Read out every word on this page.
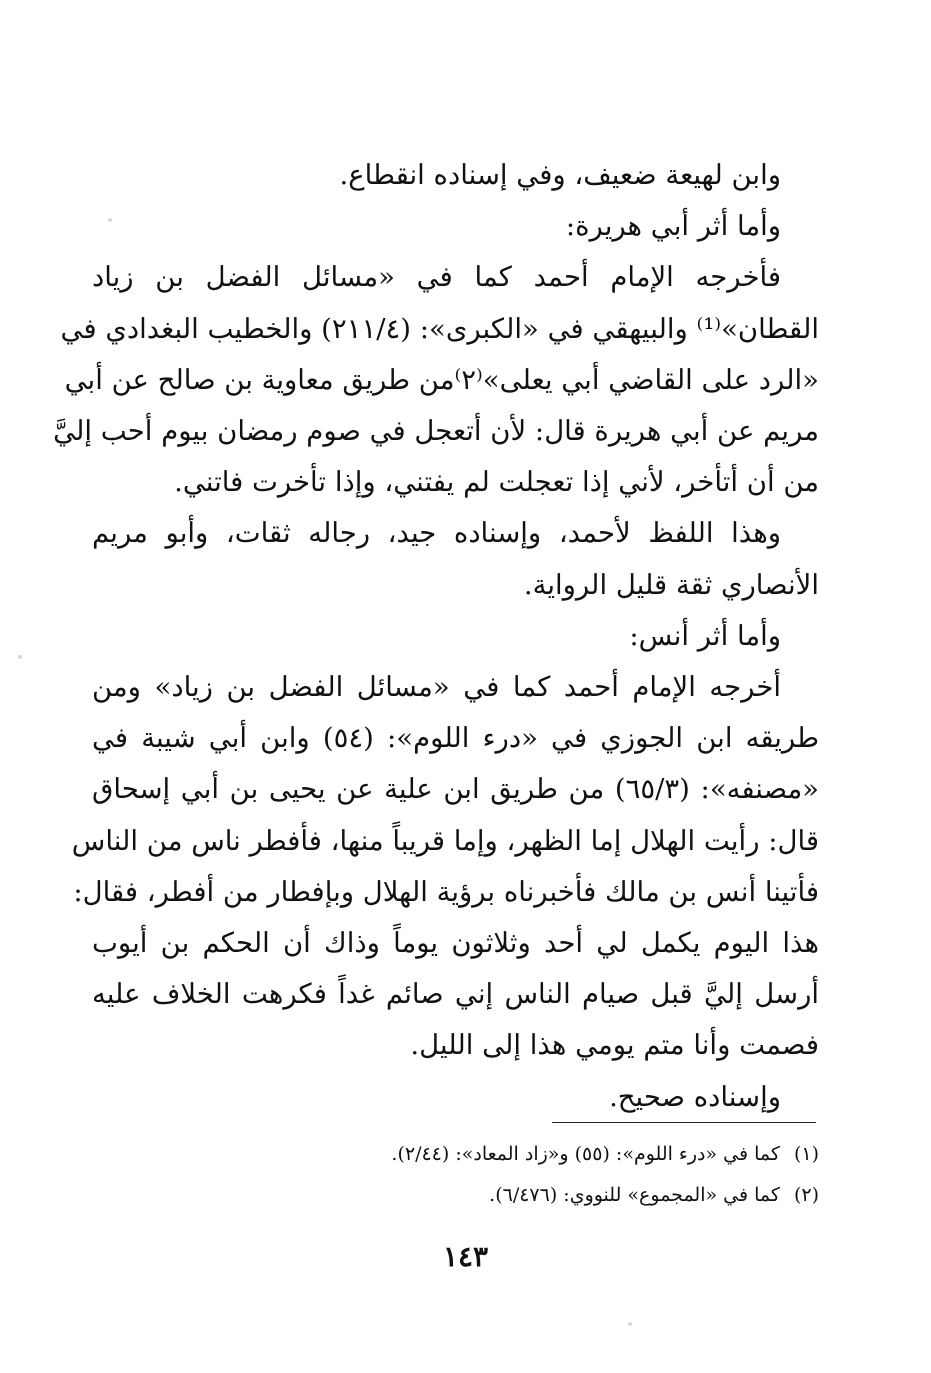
وابن لهيعة ضعيف، وفي إسناده انقطاع.
وأما أثر أبي هريرة:
فأخرجه الإمام أحمد كما في «مسائل الفضل بن زياد
القطان»⁽¹⁾ والبيهقي في «الكبرى»: (٢١١/٤) والخطيب البغدادي في
«الرد على القاضي أبي يعلى»⁽٢⁾من طريق معاوية بن صالح عن أبي
مريم عن أبي هريرة قال: لأن أتعجل في صوم رمضان بيوم أحب إليَّ
من أن أتأخر، لأني إذا تعجلت لم يفتني، وإذا تأخرت فاتني.
وهذا اللفظ لأحمد، وإسناده جيد، رجاله ثقات، وأبو مريم
الأنصاري ثقة قليل الرواية.
وأما أثر أنس:
أخرجه الإمام أحمد كما في «مسائل الفضل بن زياد» ومن
طريقه ابن الجوزي في «درء اللوم»: (٥٤) وابن أبي شيبة في
«مصنفه»: (٦٥/٣) من طريق ابن علية عن يحيى بن أبي إسحاق
قال: رأيت الهلال إما الظهر، وإما قريباً منها، فأفطر ناس من الناس
فأتينا أنس بن مالك فأخبرناه برؤية الهلال وبإفطار من أفطر، فقال:
هذا اليوم يكمل لي أحد وثلاثون يوماً وذاك أن الحكم بن أيوب
أرسل إليَّ قبل صيام الناس إني صائم غداً فكرهت الخلاف عليه
فصمت وأنا متم يومي هذا إلى الليل.
وإسناده صحيح.
(١)كما في «درء اللوم»: (٥٥) و«زاد المعاد»: (٢/٤٤).
(٢)كما في «المجموع» للنووي: (٦/٤٧٦).
١٤٣
